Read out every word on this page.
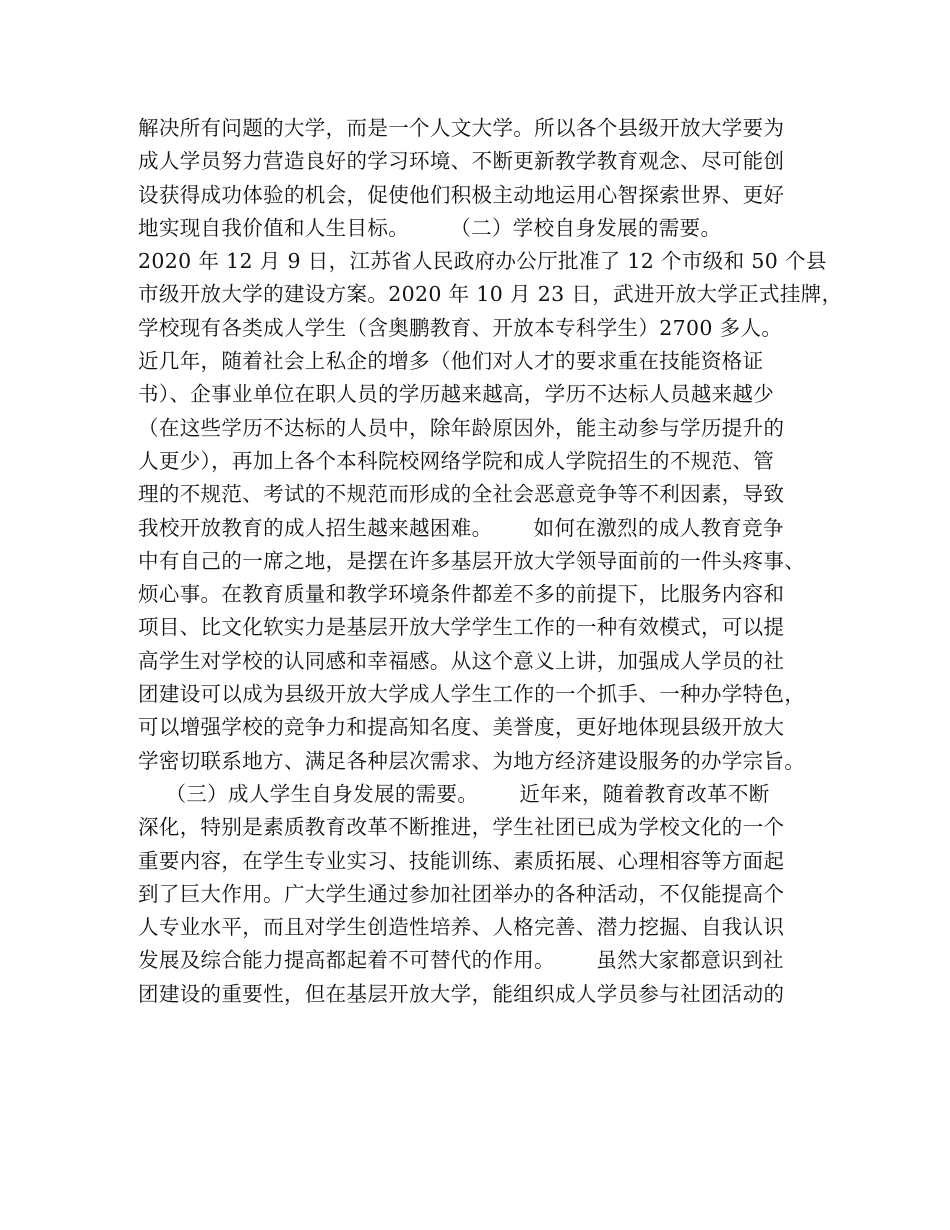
解决所有问题的大学，而是一个人文大学。所以各个县级开放大学要为
成人学员努力营造良好的学习环境、不断更新教学教育观念、尽可能创
设获得成功体验的机会，促使他们积极主动地运用心智探索世界、更好
地实现自我价值和人生目标。      （二）学校自身发展的需要。
2020 年 12 月 9 日，江苏省人民政府办公厅批准了 12 个市级和 50 个县
市级开放大学的建设方案。2020 年 10 月 23 日，武进开放大学正式挂牌，
学校现有各类成人学生（含奥鹏教育、开放本专科学生）2700 多人。
近几年，随着社会上私企的增多（他们对人才的要求重在技能资格证
书）、企事业单位在职人员的学历越来越高，学历不达标人员越来越少
（在这些学历不达标的人员中，除年龄原因外，能主动参与学历提升的
人更少），再加上各个本科院校网络学院和成人学院招生的不规范、管
理的不规范、考试的不规范而形成的全社会恶意竞争等不利因素，导致
我校开放教育的成人招生越来越困难。      如何在激烈的成人教育竞争
中有自己的一席之地，是摆在许多基层开放大学领导面前的一件头疼事、
烦心事。在教育质量和教学环境条件都差不多的前提下，比服务内容和
项目、比文化软实力是基层开放大学学生工作的一种有效模式，可以提
高学生对学校的认同感和幸福感。从这个意义上讲，加强成人学员的社
团建设可以成为县级开放大学成人学生工作的一个抓手、一种办学特色，
可以增强学校的竞争力和提高知名度、美誉度，更好地体现县级开放大
学密切联系地方、满足各种层次需求、为地方经济建设服务的办学宗旨。
（三）成人学生自身发展的需要。      近年来，随着教育改革不断
深化，特别是素质教育改革不断推进，学生社团已成为学校文化的一个
重要内容，在学生专业实习、技能训练、素质拓展、心理相容等方面起
到了巨大作用。广大学生通过参加社团举办的各种活动，不仅能提高个
人专业水平，而且对学生创造性培养、人格完善、潜力挖掘、自我认识
发展及综合能力提高都起着不可替代的作用。      虽然大家都意识到社
团建设的重要性，但在基层开放大学，能组织成人学员参与社团活动的
